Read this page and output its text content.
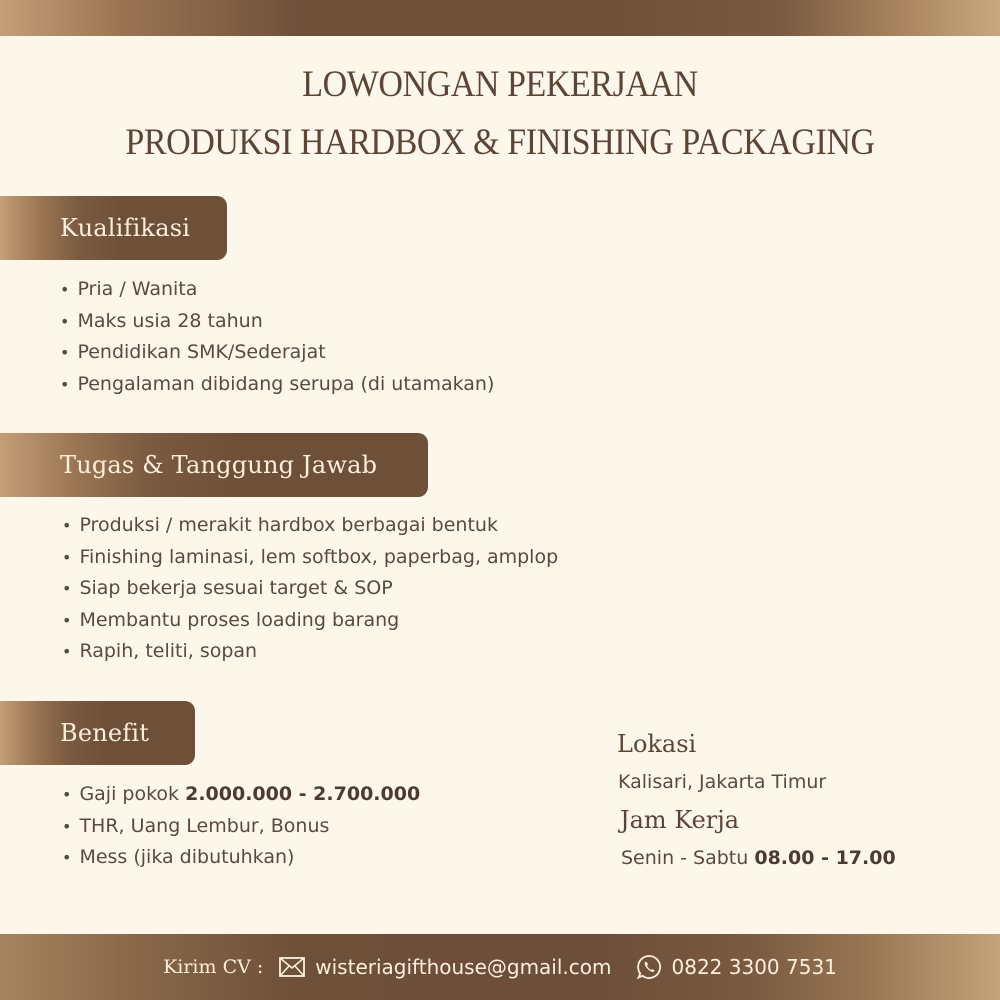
LOWONGAN PEKERJAAN
PRODUKSI HARDBOX & FINISHING PACKAGING
Kualifikasi
• Pria / Wanita
• Maks usia 28 tahun
• Pendidikan SMK/Sederajat
• Pengalaman dibidang serupa (di utamakan)
Tugas & Tanggung Jawab
• Produksi / merakit hardbox berbagai bentuk
• Finishing laminasi, lem softbox, paperbag, amplop
• Siap bekerja sesuai target & SOP
• Membantu proses loading barang
• Rapih, teliti, sopan
Benefit
• Gaji pokok 2.000.000 - 2.700.000
• THR, Uang Lembur, Bonus
• Mess (jika dibutuhkan)
Lokasi
Kalisari, Jakarta Timur
Jam Kerja
Senin - Sabtu 08.00 - 17.00
Kirim CV :	wisteriagifthouse@gmail.com	0822 3300 7531
